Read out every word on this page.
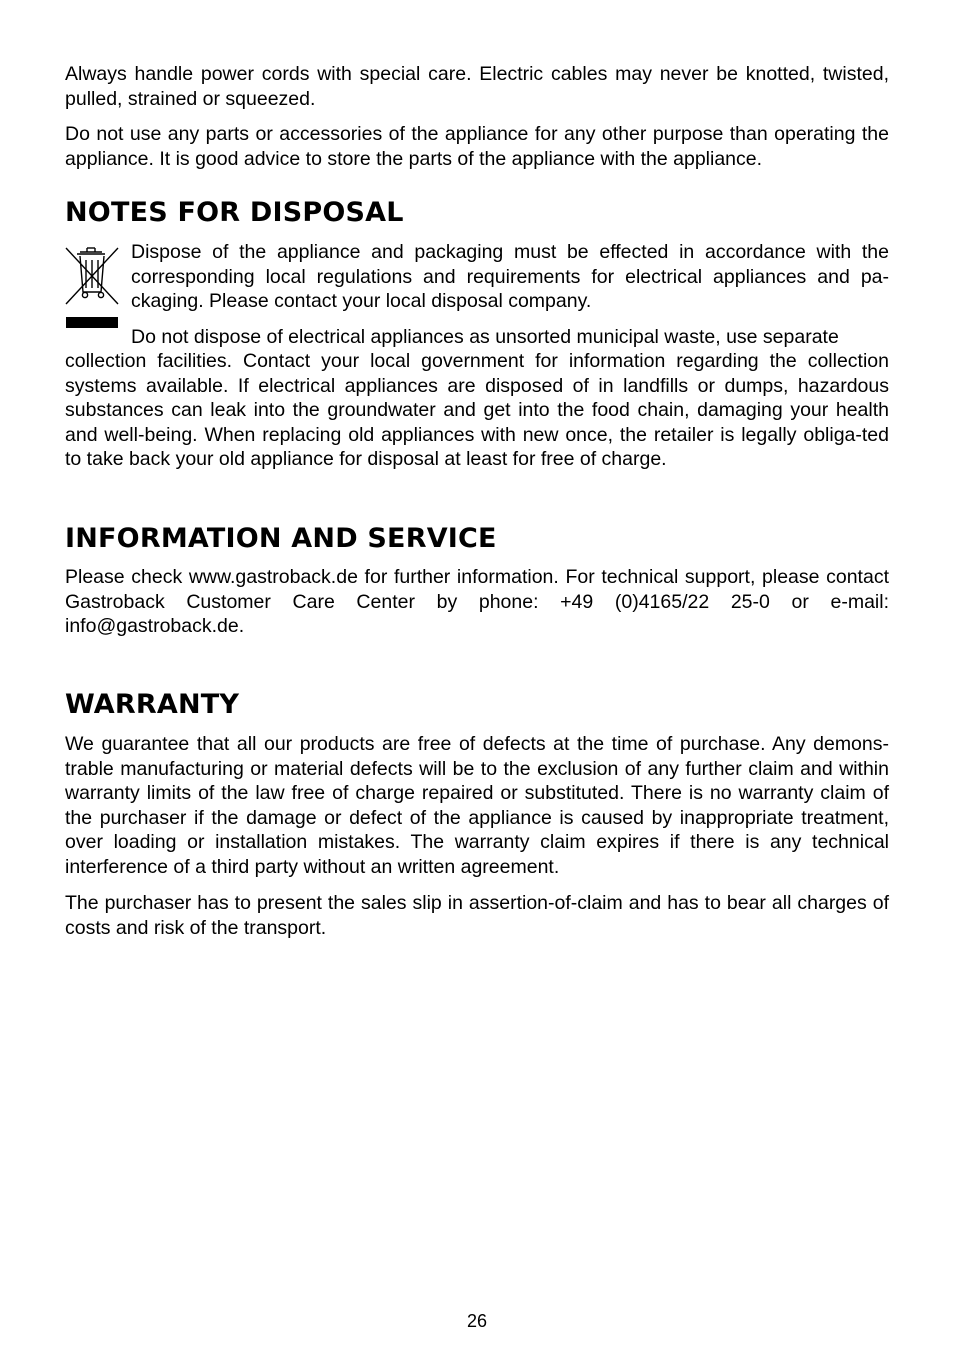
Always handle power cords with special care. Electric cables may never be knotted, twisted, pulled, strained or squeezed.

Do not use any parts or accessories of the appliance for any other purpose than operating the appliance. It is good advice to store the parts of the appliance with the appliance.

NOTES FOR DISPOSAL

Dispose of the appliance and packaging must be effected in accordance with the corresponding local regulations and requirements for electrical appliances and pa-ckaging. Please contact your local disposal company.

Do not dispose of electrical appliances as unsorted municipal waste, use separate

collection facilities. Contact your local government for information regarding the collection systems available. If electrical appliances are disposed of in landfills or dumps, hazardous substances can leak into the groundwater and get into the food chain, damaging your health and well-being. When replacing old appliances with new once, the retailer is legally obliga-ted to take back your old appliance for disposal at least for free of charge.

INFORMATION AND SERVICE

Please check www.gastroback.de for further information. For technical support, please contact Gastroback Customer Care Center by phone: +49 (0)4165/22 25-0 or e-mail: info@gastroback.de.

WARRANTY

We guarantee that all our products are free of defects at the time of purchase. Any demons-trable manufacturing or material defects will be to the exclusion of any further claim and within warranty limits of the law free of charge repaired or substituted. There is no warranty claim of the purchaser if the damage or defect of the appliance is caused by inappropriate treatment, over loading or installation mistakes. The warranty claim expires if there is any technical interference of a third party without an written agreement.

The purchaser has to present the sales slip in assertion-of-claim and has to bear all charges of costs and risk of the transport.

26
